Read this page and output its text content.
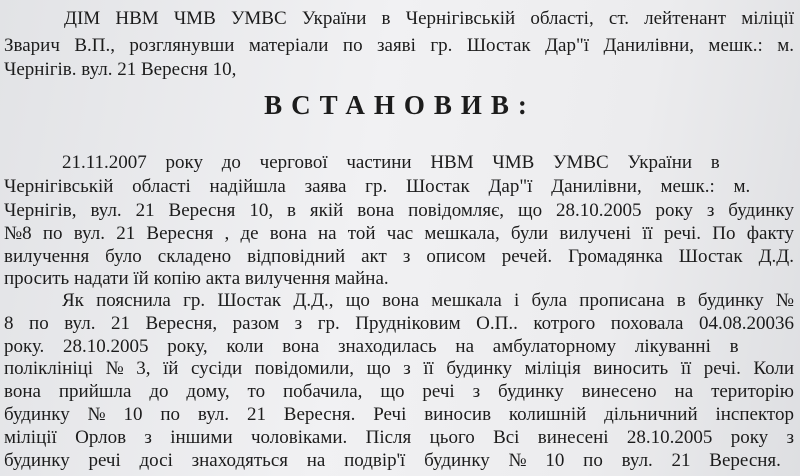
ДІМ НВМ ЧМВ УМВС України в Чернігівській області, ст. лейтенант міліції
Зварич В.П., розглянувши матеріали по заяві гр. Шостак Дар"ї Данилівни, мешк.: м.
Чернігів. вул. 21 Вересня 10,
ВСТАНОВИВ:
21.11.2007 року до чергової частини НВМ ЧМВ УМВС України в
Чернігівській області надійшла заява гр. Шостак Дар"ї Данилівни, мешк.: м.
Чернігів, вул. 21 Вересня 10, в якій вона повідомляє, що 28.10.2005 року з будинку
№8 по вул. 21 Вересня , де вона на той час мешкала, були вилучені її речі. По факту
вилучення було складено відповідний акт з описом речей. Громадянка Шостак Д.Д.
просить надати їй копію акта вилучення майна.
Як пояснила гр. Шостак Д.Д., що вона мешкала і була прописана в будинку №
8 по вул. 21 Вересня, разом з гр. Прудніковим О.П.. котрого поховала 04.08.20036
року. 28.10.2005 року, коли вона знаходилась на амбулаторному лікуванні в
поліклініці № 3, їй сусіди повідомили, що з її будинку міліція виносить її речі. Коли
вона прийшла до дому, то побачила, що речі з будинку винесено на територію
будинку № 10 по вул. 21 Вересня. Речі виносив колишній дільничний інспектор
міліції Орлов з іншими чоловіками. Після цього Всі винесені 28.10.2005 року з
будинку речі досі знаходяться на подвір'ї будинку № 10 по вул. 21 Вересня.
